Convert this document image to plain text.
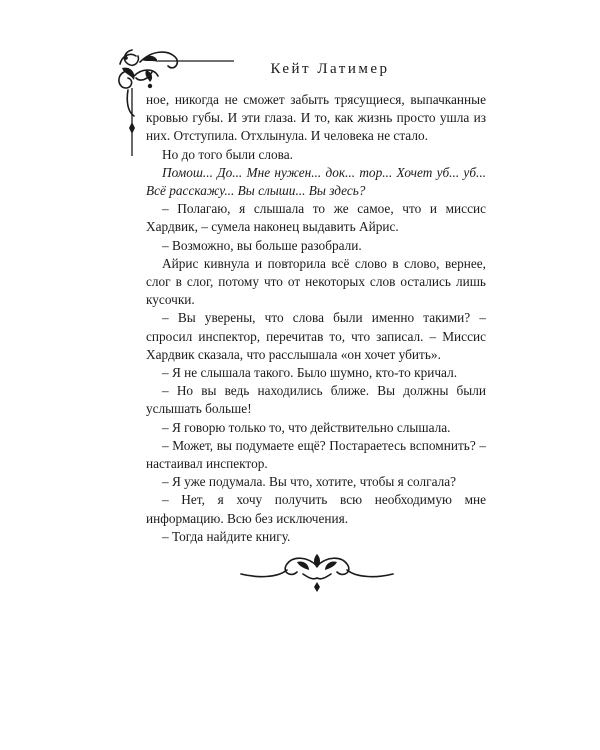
Кейт Латимер

ное, никогда не сможет забыть трясущиеся, выпачканные кровью губы. И эти глаза. И то, как жизнь просто ушла из них. Отступила. Отхлынула. И человека не стало.

Но до того были слова.

Помош... До... Мне нужен... док... тор... Хочет уб... уб... Всё расскажу... Вы слыши... Вы здесь?

– Полагаю, я слышала то же самое, что и миссис Хардвик, – сумела наконец выдавить Айрис.

– Возможно, вы больше разобрали.

Айрис кивнула и повторила всё слово в слово, вернее, слог в слог, потому что от некоторых слов остались лишь кусочки.

– Вы уверены, что слова были именно такими? – спросил инспектор, перечитав то, что записал. – Миссис Хардвик сказала, что расслышала «он хочет убить».

– Я не слышала такого. Было шумно, кто-то кричал.

– Но вы ведь находились ближе. Вы должны были услышать больше!

– Я говорю только то, что действительно слышала.

– Может, вы подумаете ещё? Постараетесь вспомнить? – настаивал инспектор.

– Я уже подумала. Вы что, хотите, чтобы я солгала?

– Нет, я хочу получить всю необходимую мне информацию. Всю без исключения.

– Тогда найдите книгу.
